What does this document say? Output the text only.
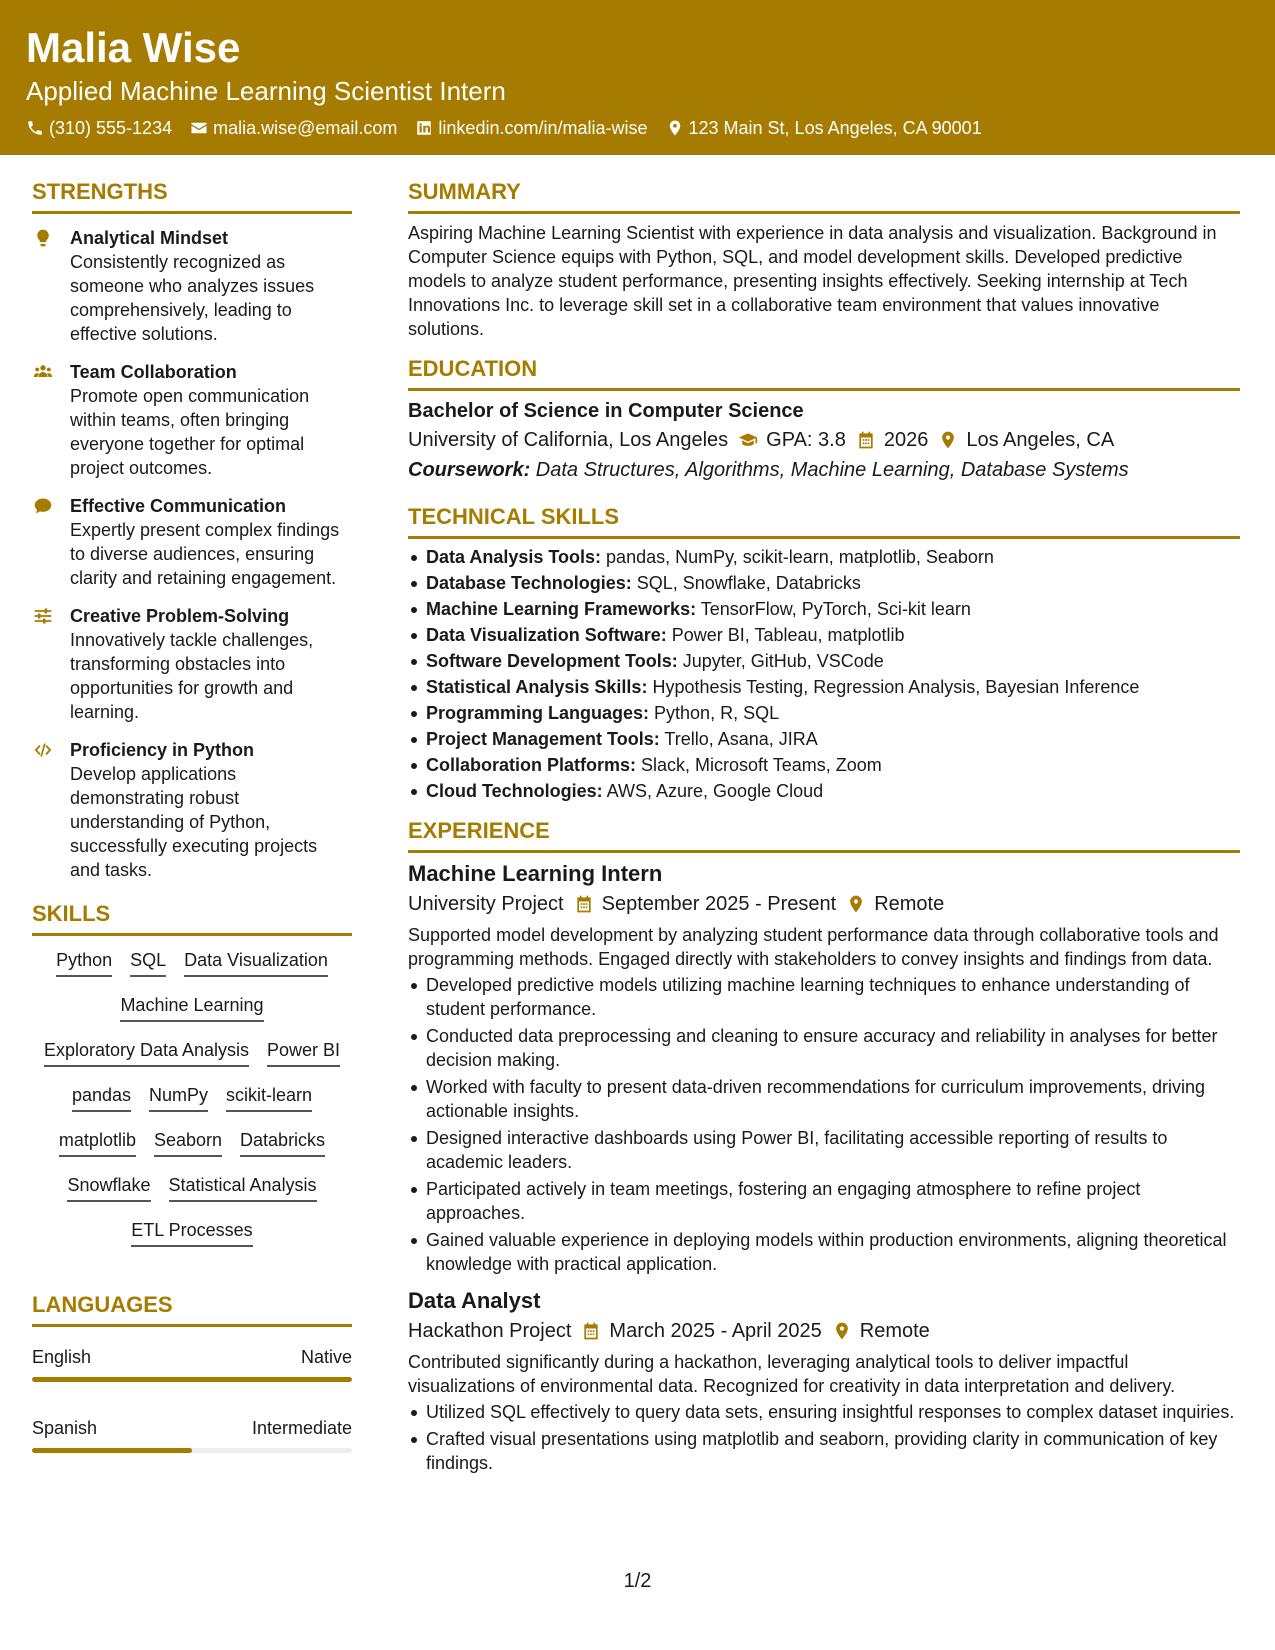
Malia Wise
Applied Machine Learning Scientist Intern
(310) 555-1234 malia.wise@email.com linkedin.com/in/malia-wise 123 Main St, Los Angeles, CA 90001
STRENGTHS
Analytical Mindset
Consistently recognized as someone who analyzes issues comprehensively, leading to effective solutions.
Team Collaboration
Promote open communication within teams, often bringing everyone together for optimal project outcomes.
Effective Communication
Expertly present complex findings to diverse audiences, ensuring clarity and retaining engagement.
Creative Problem-Solving
Innovatively tackle challenges, transforming obstacles into opportunities for growth and learning.
Proficiency in Python
Develop applications demonstrating robust understanding of Python, successfully executing projects and tasks.
SKILLS
Python SQL Data Visualization
Machine Learning
Exploratory Data Analysis Power BI
pandas NumPy scikit-learn
matplotlib Seaborn Databricks
Snowflake Statistical Analysis
ETL Processes
LANGUAGES
English	Native
Spanish	Intermediate
SUMMARY
Aspiring Machine Learning Scientist with experience in data analysis and visualization. Background in Computer Science equips with Python, SQL, and model development skills. Developed predictive models to analyze student performance, presenting insights effectively. Seeking internship at Tech Innovations Inc. to leverage skill set in a collaborative team environment that values innovative solutions.
EDUCATION
Bachelor of Science in Computer Science
University of California, Los Angeles GPA: 3.8 2026 Los Angeles, CA
Coursework: Data Structures, Algorithms, Machine Learning, Database Systems
TECHNICAL SKILLS
Data Analysis Tools: pandas, NumPy, scikit-learn, matplotlib, Seaborn
Database Technologies: SQL, Snowflake, Databricks
Machine Learning Frameworks: TensorFlow, PyTorch, Sci-kit learn
Data Visualization Software: Power BI, Tableau, matplotlib
Software Development Tools: Jupyter, GitHub, VSCode
Statistical Analysis Skills: Hypothesis Testing, Regression Analysis, Bayesian Inference
Programming Languages: Python, R, SQL
Project Management Tools: Trello, Asana, JIRA
Collaboration Platforms: Slack, Microsoft Teams, Zoom
Cloud Technologies: AWS, Azure, Google Cloud
EXPERIENCE
Machine Learning Intern
University Project September 2025 - Present Remote
Supported model development by analyzing student performance data through collaborative tools and programming methods. Engaged directly with stakeholders to convey insights and findings from data.
Developed predictive models utilizing machine learning techniques to enhance understanding of student performance.
Conducted data preprocessing and cleaning to ensure accuracy and reliability in analyses for better decision making.
Worked with faculty to present data-driven recommendations for curriculum improvements, driving actionable insights.
Designed interactive dashboards using Power BI, facilitating accessible reporting of results to academic leaders.
Participated actively in team meetings, fostering an engaging atmosphere to refine project approaches.
Gained valuable experience in deploying models within production environments, aligning theoretical knowledge with practical application.
Data Analyst
Hackathon Project March 2025 - April 2025 Remote
Contributed significantly during a hackathon, leveraging analytical tools to deliver impactful visualizations of environmental data. Recognized for creativity in data interpretation and delivery.
Utilized SQL effectively to query data sets, ensuring insightful responses to complex dataset inquiries.
Crafted visual presentations using matplotlib and seaborn, providing clarity in communication of key findings.
1/2
